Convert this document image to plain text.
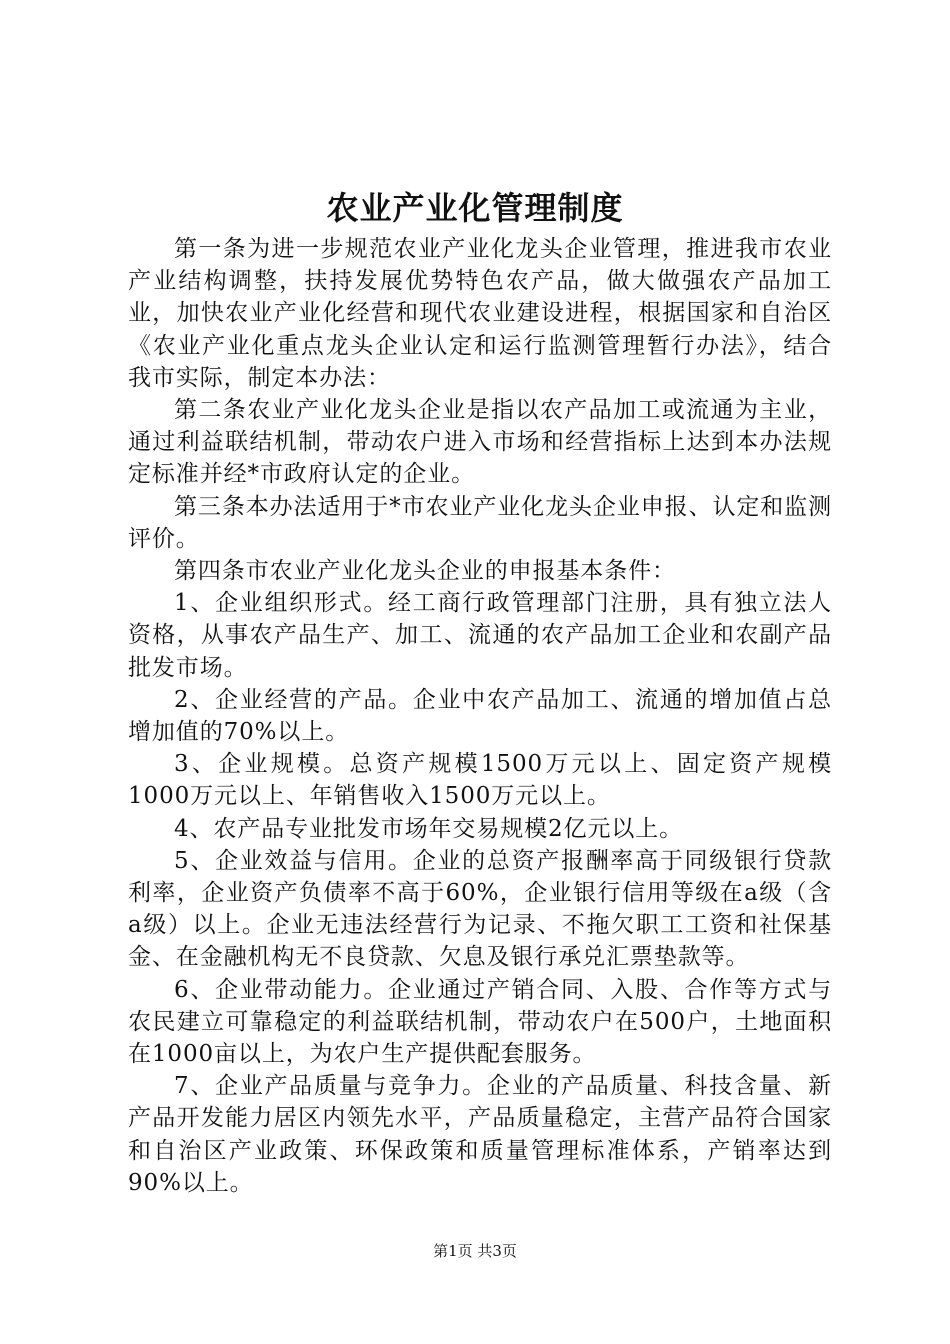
农业产业化管理制度

第一条为进一步规范农业产业化龙头企业管理，推进我市农业产业结构调整，扶持发展优势特色农产品，做大做强农产品加工业，加快农业产业化经营和现代农业建设进程，根据国家和自治区《农业产业化重点龙头企业认定和运行监测管理暂行办法》，结合我市实际，制定本办法：

第二条农业产业化龙头企业是指以农产品加工或流通为主业，通过利益联结机制，带动农户进入市场和经营指标上达到本办法规定标准并经*市政府认定的企业。

第三条本办法适用于*市农业产业化龙头企业申报、认定和监测评价。

第四条市农业产业化龙头企业的申报基本条件：

1、企业组织形式。经工商行政管理部门注册，具有独立法人资格，从事农产品生产、加工、流通的农产品加工企业和农副产品批发市场。

2、企业经营的产品。企业中农产品加工、流通的增加值占总增加值的70%以上。

3、企业规模。总资产规模1500万元以上、固定资产规模1000万元以上、年销售收入1500万元以上。

4、农产品专业批发市场年交易规模2亿元以上。

5、企业效益与信用。企业的总资产报酬率高于同级银行贷款利率，企业资产负债率不高于60%，企业银行信用等级在a级（含a级）以上。企业无违法经营行为记录、不拖欠职工工资和社保基金、在金融机构无不良贷款、欠息及银行承兑汇票垫款等。

6、企业带动能力。企业通过产销合同、入股、合作等方式与农民建立可靠稳定的利益联结机制，带动农户在500户，土地面积在1000亩以上，为农户生产提供配套服务。

7、企业产品质量与竞争力。企业的产品质量、科技含量、新产品开发能力居区内领先水平，产品质量稳定，主营产品符合国家和自治区产业政策、环保政策和质量管理标准体系，产销率达到90%以上。

第1页 共3页
